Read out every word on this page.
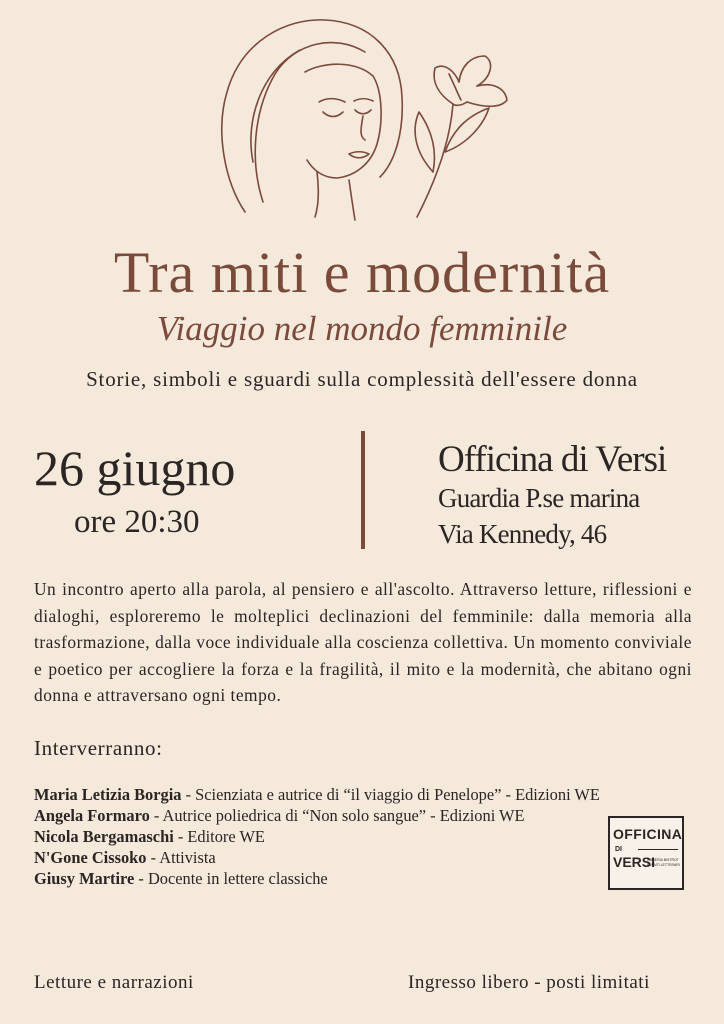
Tra miti e modernità
Viaggio nel mondo femminile
Storie, simboli e sguardi sulla complessità dell'essere donna
26 giugno
ore 20:30
Officina di Versi
Guardia P.se marina
Via Kennedy, 46
Un incontro aperto alla parola, al pensiero e all'ascolto. Attraverso letture, riflessioni e dialoghi, esploreremo le molteplici declinazioni del femminile: dalla memoria alla trasformazione, dalla voce individuale alla coscienza collettiva. Un momento conviviale e poetico per accogliere la forza e la fragilità, il mito e la modernità, che abitano ogni donna e attraversano ogni tempo.
Interverranno:
Maria Letizia Borgia - Scienziata e autrice di “il viaggio di Penelope” - Edizioni WE
Angela Formaro - Autrice poliedrica di “Non solo sangue” - Edizioni WE
Nicola Bergamaschi - Editore WE
N'Gone Cissoko - Attivista
Giusy Martire - Docente in lettere classiche
OFFICINA
DI
VERSI
LIBRERIA BISTROT EVENTI LETTERARI
Letture e narrazioni	Ingresso libero - posti limitati
